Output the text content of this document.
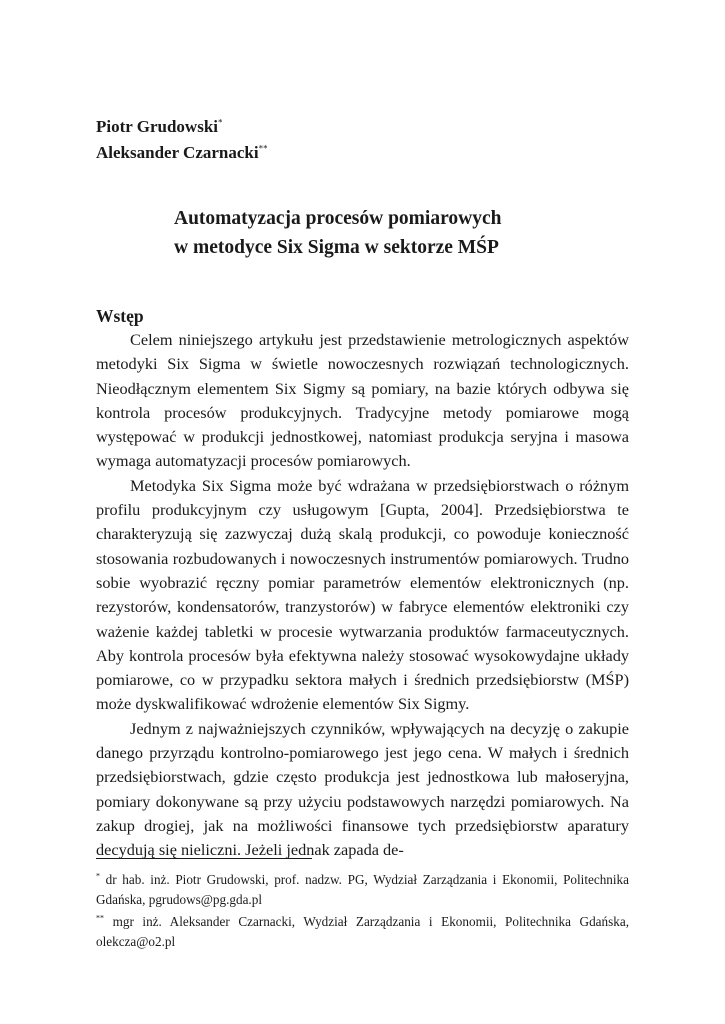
Piotr Grudowski*
Aleksander Czarnacki**
Automatyzacja procesów pomiarowych
w metodyce Six Sigma w sektorze MŚP
Wstęp

Celem niniejszego artykułu jest przedstawienie metrologicznych aspektów metodyki Six Sigma w świetle nowoczesnych rozwiązań technologicznych. Nieodłącznym elementem Six Sigmy są pomiary, na bazie których odbywa się kontrola procesów produkcyjnych. Tradycyjne metody pomiarowe mogą występować w produkcji jednostkowej, natomiast produkcja seryjna i masowa wymaga automatyzacji procesów pomiarowych.

Metodyka Six Sigma może być wdrażana w przedsiębiorstwach o różnym profilu produkcyjnym czy usługowym [Gupta, 2004]. Przedsiębiorstwa te charakteryzują się zazwyczaj dużą skalą produkcji, co powoduje konieczność stosowania rozbudowanych i nowoczesnych instrumentów pomiarowych. Trudno sobie wyobrazić ręczny pomiar parametrów elementów elektronicznych (np. rezystorów, kondensatorów, tranzystorów) w fabryce elementów elektroniki czy ważenie każdej tabletki w procesie wytwarzania produktów farmaceutycznych. Aby kontrola procesów była efektywna należy stosować wysokowydajne układy pomiarowe, co w przypadku sektora małych i średnich przedsiębiorstw (MŚP) może dyskwalifikować wdrożenie elementów Six Sigmy.

Jednym z najważniejszych czynników, wpływających na decyzję o zakupie danego przyrządu kontrolno-pomiarowego jest jego cena. W małych i średnich przedsiębiorstwach, gdzie często produkcja jest jednostkowa lub małoseryjna, pomiary dokonywane są przy użyciu podstawowych narzędzi pomiarowych. Na zakup drogiej, jak na możliwości finansowe tych przedsiębiorstw aparatury decydują się nieliczni. Jeżeli jednak zapada de-

* dr hab. inż. Piotr Grudowski, prof. nadzw. PG, Wydział Zarządzania i Ekonomii, Politechnika Gdańska, pgrudows@pg.gda.pl

** mgr inż. Aleksander Czarnacki, Wydział Zarządzania i Ekonomii, Politechnika Gdańska, olekcza@o2.pl
